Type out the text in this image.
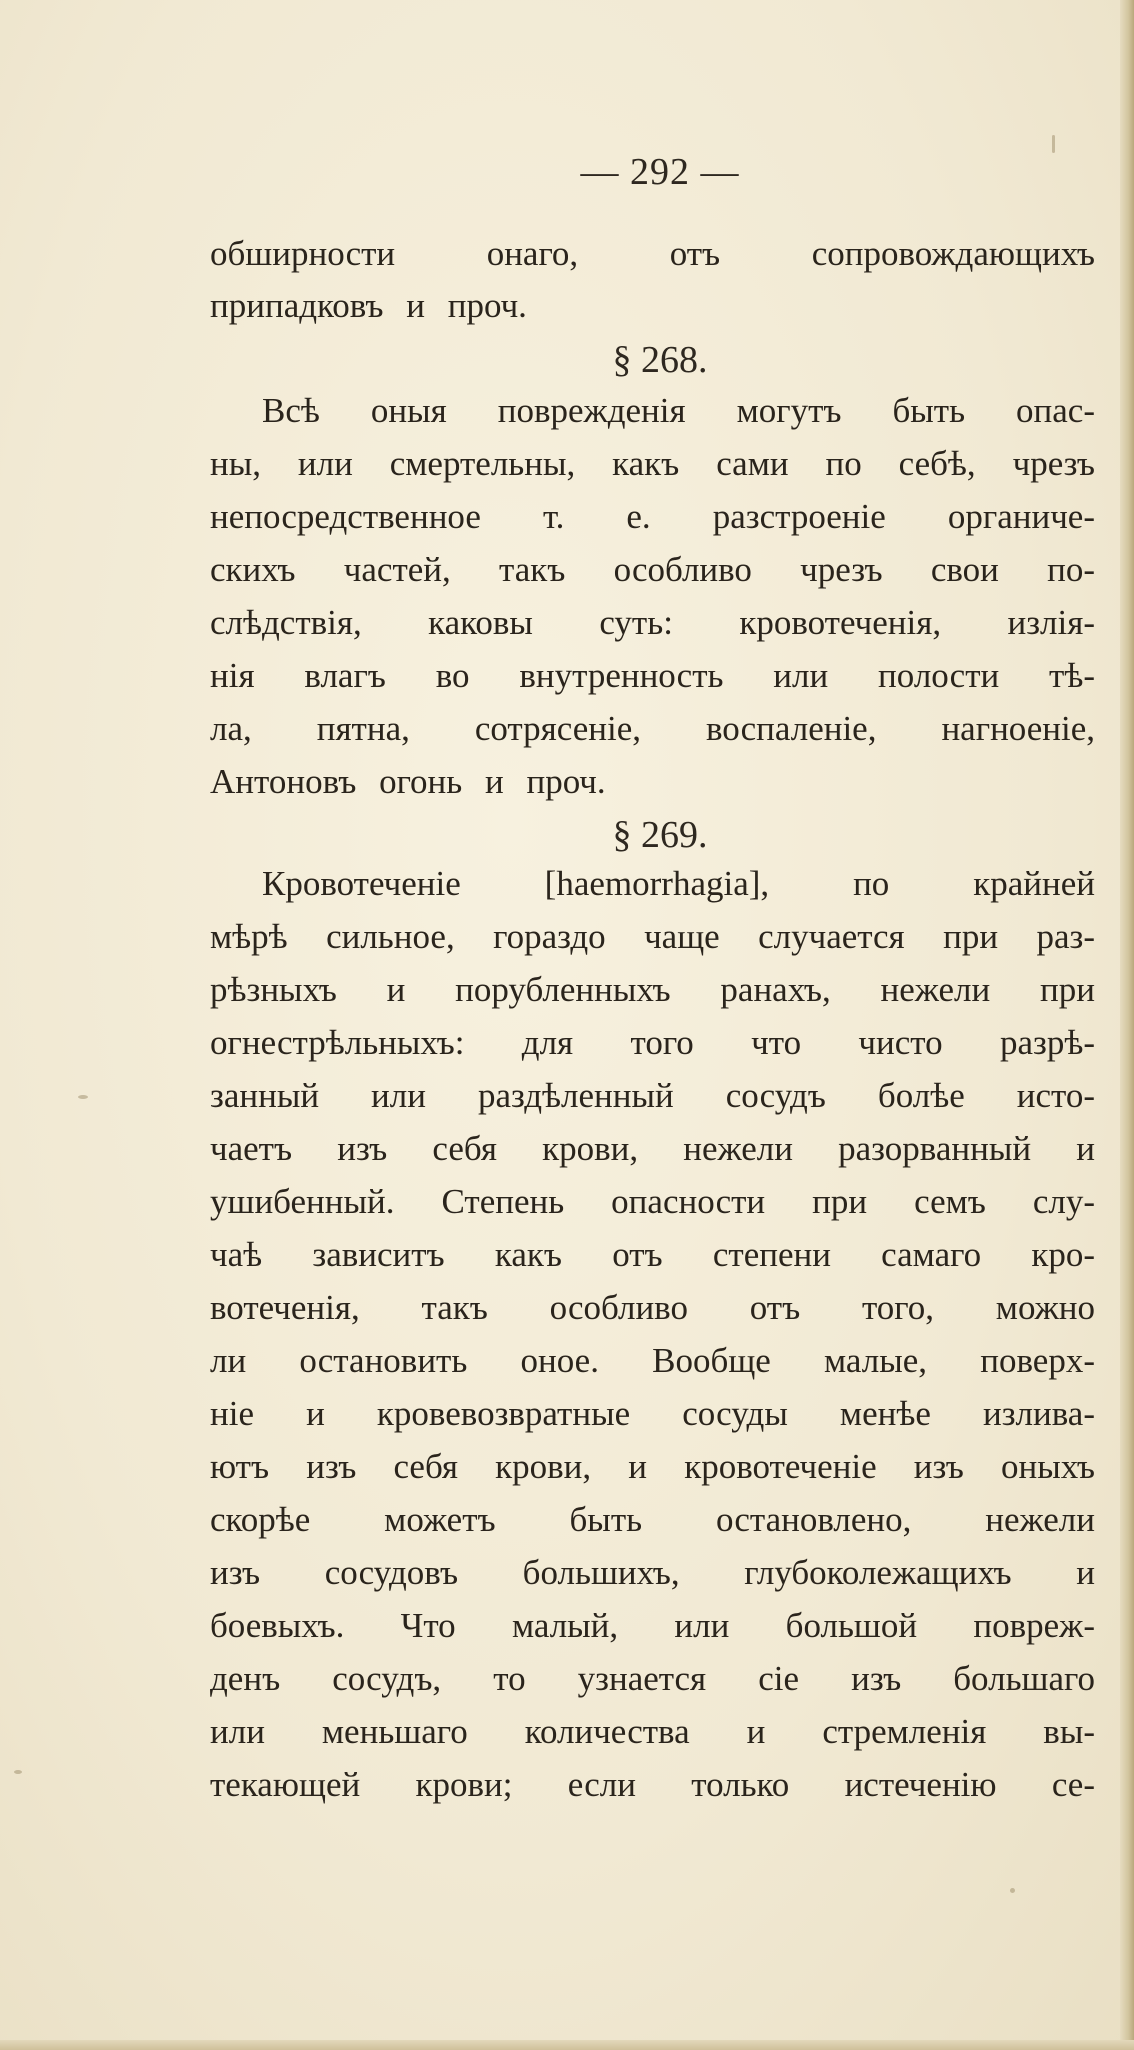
— 292 —
обширности онаго, отъ сопровождающихъ
припадковъ и проч.
§ 268.
Всѣ оныя поврежденія могутъ быть опас-
ны, или смертельны, какъ сами по себѣ, чрезъ
непосредственное т. е. разстроеніе органиче-
скихъ частей, такъ особливо чрезъ свои по-
слѣдствія, каковы суть: кровотеченія, излія-
нія влагъ во внутренность или полости тѣ-
ла, пятна, сотрясеніе, воспаленіе, нагноеніе,
Антоновъ огонь и проч.
§ 269.
Кровотеченіе [haemorrhagia], по крайней
мѣрѣ сильное, гораздо чаще случается при раз-
рѣзныхъ и порубленныхъ ранахъ, нежели при
огнестрѣльныхъ: для того что чисто разрѣ-
занный или раздѣленный сосудъ болѣе исто-
чаетъ изъ себя крови, нежели разорванный и
ушибенный. Степень опасности при семъ слу-
чаѣ зависитъ какъ отъ степени самаго кро-
вотеченія, такъ особливо отъ того, можно
ли остановить оное. Вообще малые, поверх-
ніе и кровевозвратные сосуды менѣе излива-
ютъ изъ себя крови, и кровотеченіе изъ оныхъ
скорѣе можетъ быть остановлено, нежели
изъ сосудовъ большихъ, глубоколежащихъ и
боевыхъ. Что малый, или большой повреж-
денъ сосудъ, то узнается сіе изъ большаго
или меньшаго количества и стремленія вы-
текающей крови; если только истеченію се-
